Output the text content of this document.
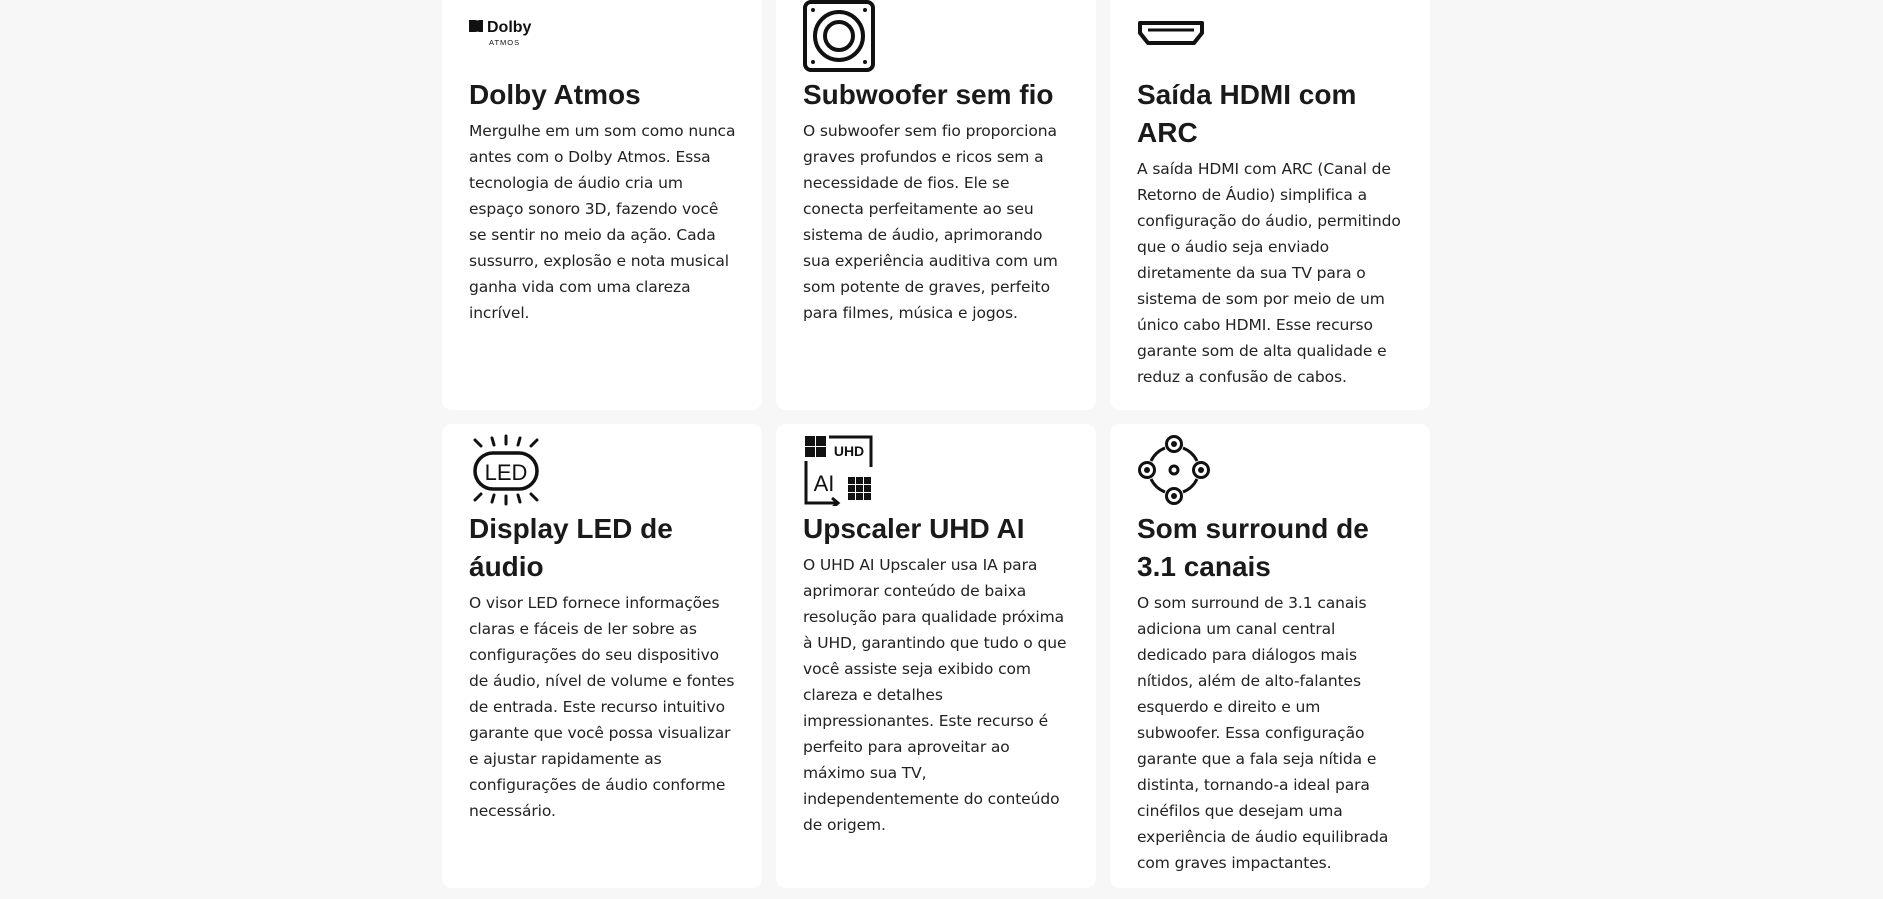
Dolby
ATMOS
Dolby Atmos

Mergulhe em um som como nunca antes com o Dolby Atmos. Essa tecnologia de áudio cria um espaço sonoro 3D, fazendo você se sentir no meio da ação. Cada sussurro, explosão e nota musical ganha vida com uma clareza incrível.

Subwoofer sem fio

O subwoofer sem fio proporciona graves profundos e ricos sem a necessidade de fios. Ele se conecta perfeitamente ao seu sistema de áudio, aprimorando sua experiência auditiva com um som potente de graves, perfeito para filmes, música e jogos.

Saída HDMI com ARC

A saída HDMI com ARC (Canal de Retorno de Áudio) simplifica a configuração do áudio, permitindo que o áudio seja enviado diretamente da sua TV para o sistema de som por meio de um único cabo HDMI. Esse recurso garante som de alta qualidade e reduz a confusão de cabos.

LED
Display LED de áudio

O visor LED fornece informações claras e fáceis de ler sobre as configurações do seu dispositivo de áudio, nível de volume e fontes de entrada. Este recurso intuitivo garante que você possa visualizar e ajustar rapidamente as configurações de áudio conforme necessário.

UHD
AI
Upscaler UHD AI

O UHD AI Upscaler usa IA para aprimorar conteúdo de baixa resolução para qualidade próxima à UHD, garantindo que tudo o que você assiste seja exibido com clareza e detalhes impressionantes. Este recurso é perfeito para aproveitar ao máximo sua TV, independentemente do conteúdo de origem.

Som surround de 3.1 canais

O som surround de 3.1 canais adiciona um canal central dedicado para diálogos mais nítidos, além de alto-falantes esquerdo e direito e um subwoofer. Essa configuração garante que a fala seja nítida e distinta, tornando-a ideal para cinéfilos que desejam uma experiência de áudio equilibrada com graves impactantes.
